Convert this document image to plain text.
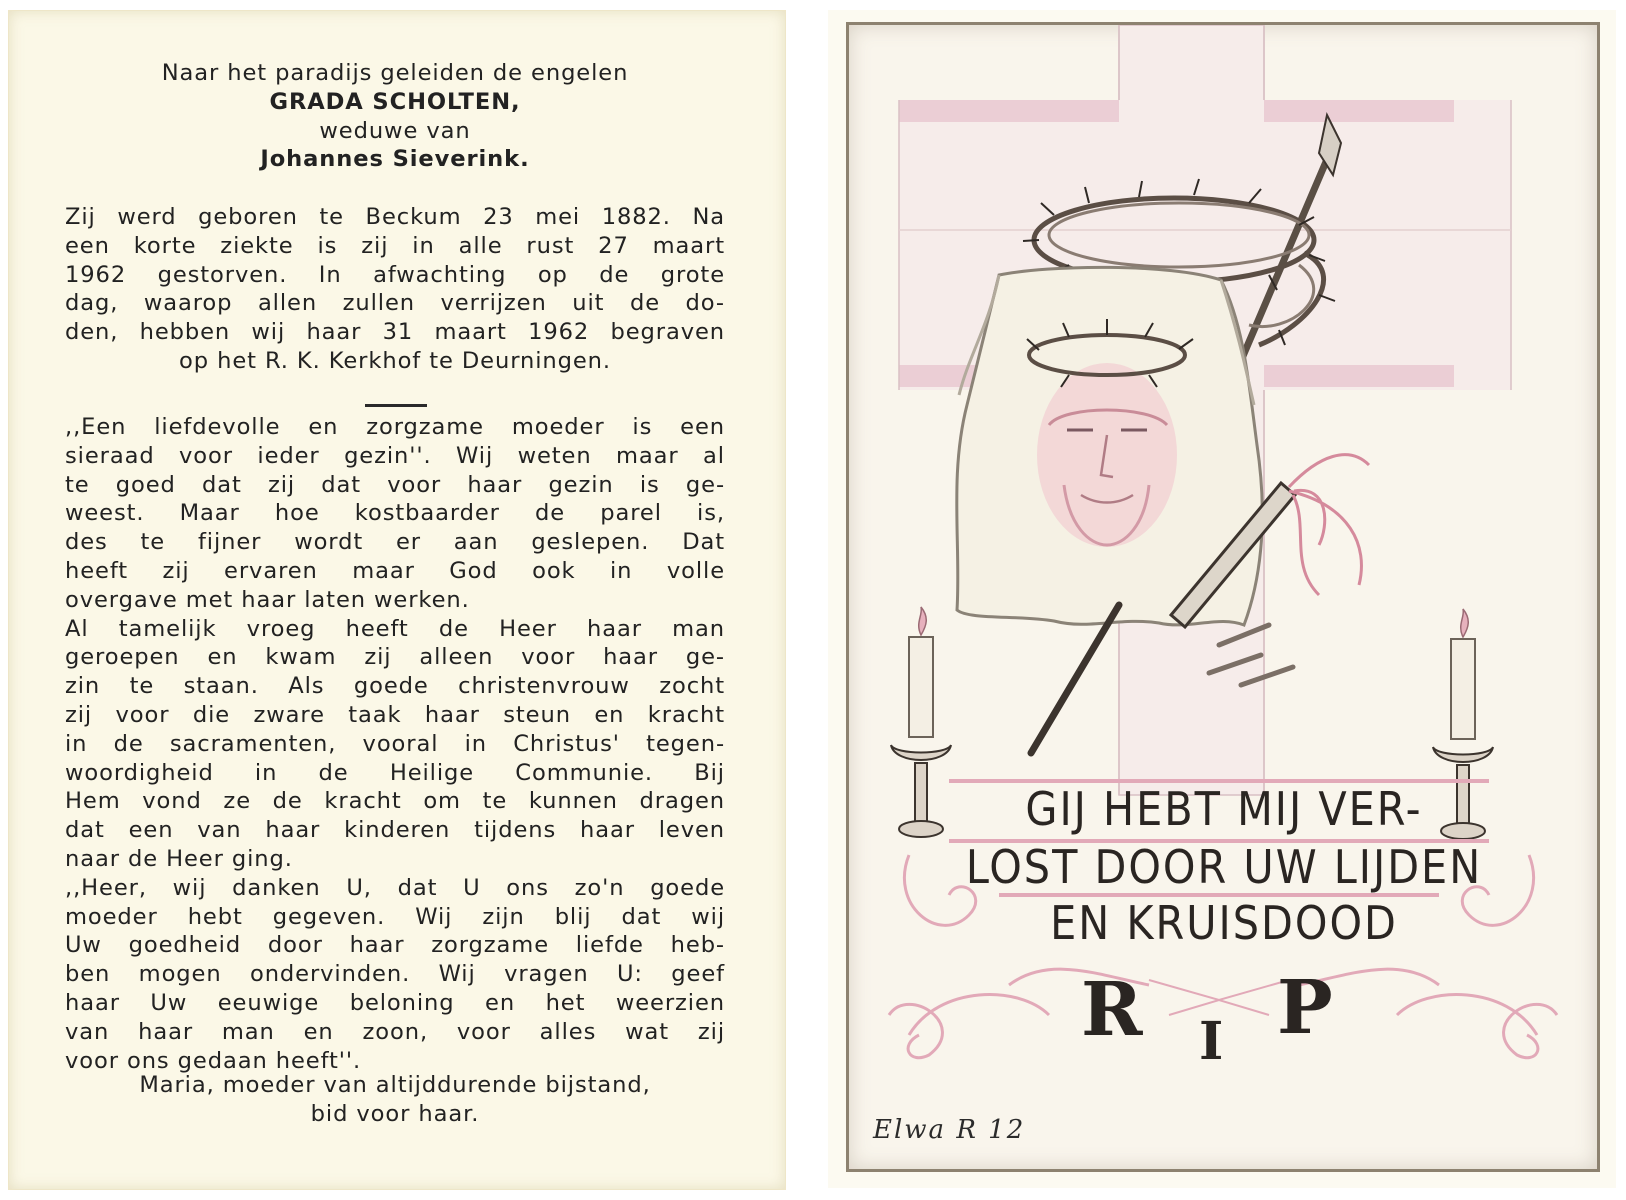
Naar het paradijs geleiden de engelen
GRADA SCHOLTEN,
weduwe van
Johannes Sieverink.
Zij werd geboren te Beckum 23 mei 1882. Na
een korte ziekte is zij in alle rust 27 maart
1962 gestorven. In afwachting op de grote
dag, waarop allen zullen verrijzen uit de do-
den, hebben wij haar 31 maart 1962 begraven
op het R. K. Kerkhof te Deurningen.
,,Een liefdevolle en zorgzame moeder is een
sieraad voor ieder gezin''. Wij weten maar al
te goed dat zij dat voor haar gezin is ge-
weest. Maar hoe kostbaarder de parel is,
des te fijner wordt er aan geslepen. Dat
heeft zij ervaren maar God ook in volle
overgave met haar laten werken.
Al tamelijk vroeg heeft de Heer haar man
geroepen en kwam zij alleen voor haar ge-
zin te staan. Als goede christenvrouw zocht
zij voor die zware taak haar steun en kracht
in de sacramenten, vooral in Christus' tegen-
woordigheid in de Heilige Communie. Bij
Hem vond ze de kracht om te kunnen dragen
dat een van haar kinderen tijdens haar leven
naar de Heer ging.
,,Heer, wij danken U, dat U ons zo'n goede
moeder hebt gegeven. Wij zijn blij dat wij
Uw goedheid door haar zorgzame liefde heb-
ben mogen ondervinden. Wij vragen U: geef
haar Uw eeuwige beloning en het weerzien
van haar man en zoon, voor alles wat zij
voor ons gedaan heeft''.
Maria, moeder van altijddurende bijstand,
bid voor haar.
GIJ HEBT MIJ VER-
LOST DOOR UW LIJDEN
EN KRUISDOOD
R I P
Elwa R 12
